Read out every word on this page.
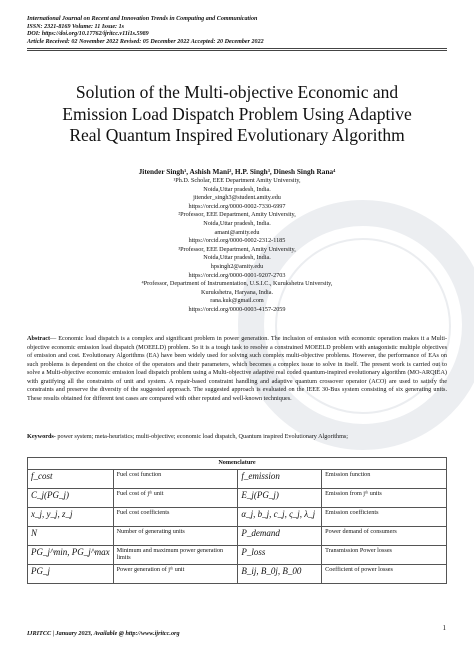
International Journal on Recent and Innovation Trends in Computing and Communication
ISSN: 2321-8169 Volume: 11 Issue: 1s
DOI: https://doi.org/10.17762/ijritcc.v11i1s.5989
Article Received: 02 November 2022 Revised: 05 December 2022 Accepted: 20 December 2022
Solution of the Multi-objective Economic and
Emission Load Dispatch Problem Using Adaptive
Real Quantum Inspired Evolutionary Algorithm
Jitender Singh¹, Ashish Mani², H.P. Singh³, Dinesh Singh Rana⁴
¹Ph.D. Scholar, EEE Department Amity University,
Noida,Uttar pradesh, India.
jitender_singh3@student.amity.edu
https://orcid.org/0000-0002-7330-6997
²Professor, EEE Department, Amity University,
Noida,Uttar pradesh, India.
amani@amity.edu
https://orcid.org/0000-0002-2312-1185
³Professor, EEE Department, Amity University,
Noida,Uttar pradesh, India.
hpsingh2@amity.edu
https://orcid.org/0000-0001-9207-2703
⁴Professor, Department of Instrumentation, U.S.I.C., Kurukshetra University,
Kurukshetra, Haryana, India.
rana.kuk@gmail.com
https://orcid.org/0000-0003-4157-2059
Abstract— Economic load dispatch is a complex and significant problem in power generation. The inclusion of emission with economic operation makes it a Multi-objective economic emission load dispatch (MOEELD) problem. So it is a tough task to resolve a constrained MOEELD problem with antagonistic multiple objectives of emission and cost. Evolutionary Algorithms (EA) have been widely used for solving such complex multi-objective problems. However, the performance of EAs on such problems is dependent on the choice of the operators and their parameters, which becomes a complex issue to solve in itself. The present work is carried out to solve a Multi-objective economic emission load dispatch problem using a Multi-objective adaptive real coded quantum-inspired evolutionary algorithm (MO-ARQIEA) with gratifying all the constraints of unit and system. A repair-based constraint handling and adaptive quantum crossover operator (ACO) are used to satisfy the constraints and preserve the diversity of the suggested approach. The suggested approach is evaluated on the IEEE 30-Bus system consisting of six generating units. These results obtained for different test cases are compared with other reputed and well-known techniques.
Keywords- power system; meta-heuristics; multi-objective; economic load dispatch, Quantum inspired Evolutionary Algorithms;
Nomenclature			
f_cost	Fuel cost function	f_emission	Emission function
C_j(PG_j)	Fuel cost of jᵗʰ unit	E_j(PG_j)	Emission from jᵗʰ units
x_j, y_j, z_j	Fuel cost coefficients	α_j, b_j, c_j, ς_j, λ_j	Emission coefficients
N	Number of generating units	P_demand	Power demand of consumers
PG_j^min, PG_j^max	Minimum and maximum power generation limits	P_loss	Transmission Power losses
PG_j	Power generation of jᵗʰ unit	B_ij, B_0j, B_00	Coefficient of power losses
IJRITCC | January 2023, Available @ http://www.ijritcc.org
1
